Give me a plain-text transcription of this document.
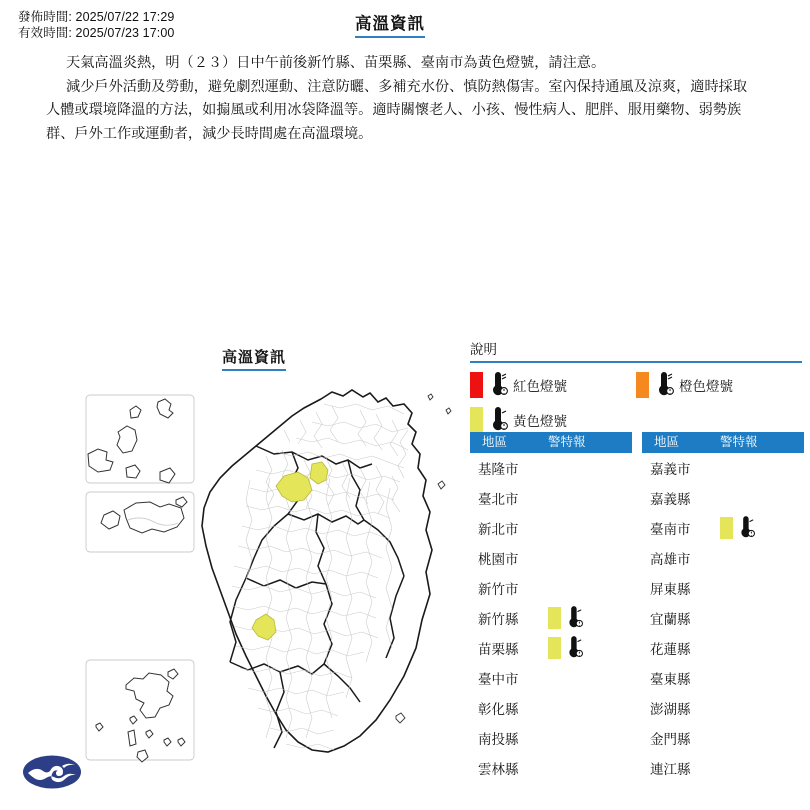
發佈時間: 2025/07/22 17:29
有效時間: 2025/07/23 17:00	高溫資訊

天氣高溫炎熱，明（２３）日中午前後新竹縣、苗栗縣、臺南市為黃色燈號，請注意。

減少戶外活動及勞動，避免劇烈運動、注意防曬、多補充水份、慎防熱傷害。室內保持通風及涼爽，適時採取人體或環境降溫的方法，如搧風或利用冰袋降溫等。適時關懷老人、小孩、慢性病人、肥胖、服用藥物、弱勢族群、戶外工作或運動者，減少長時間處在高溫環境。

高溫資訊	說明
紅色燈號	橙色燈號
黃色燈號
地區	警特報
基隆市
臺北市
新北市
桃園市
新竹市
新竹縣
苗栗縣
臺中市
彰化縣
南投縣
雲林縣
地區	警特報
嘉義市
嘉義縣
臺南市
高雄市
屏東縣
宜蘭縣
花蓮縣
臺東縣
澎湖縣
金門縣
連江縣
